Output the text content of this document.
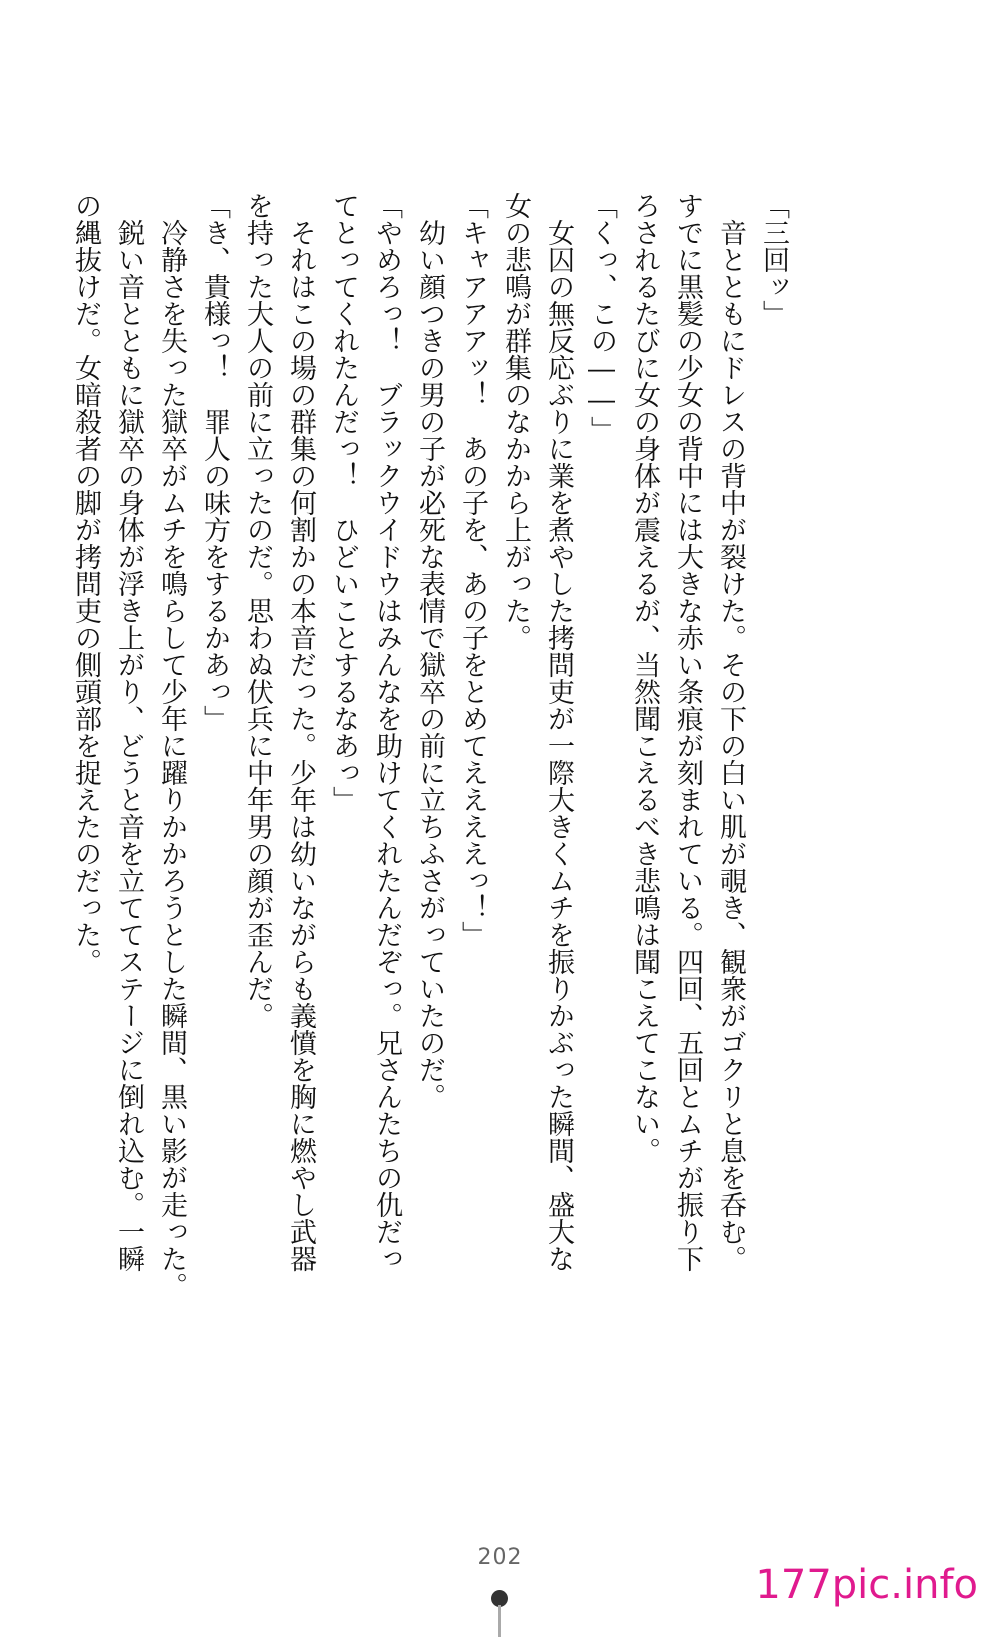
「三回ッ」
　音とともにドレスの背中が裂けた。その下の白い肌が覗き、観衆がゴクリと息を呑む。
すでに黒髪の少女の背中には大きな赤い条痕が刻まれている。四回、五回とムチが振り下
ろされるたびに女の身体が震えるが、当然聞こえるべき悲鳴は聞こえてこない。
「くっ、この――」
　女囚の無反応ぶりに業を煮やした拷問吏が一際大きくムチを振りかぶった瞬間、盛大な
女の悲鳴が群集のなかから上がった。
「キャアアアッ！　あの子を、あの子をとめてええええっ！」
　幼い顔つきの男の子が必死な表情で獄卒の前に立ちふさがっていたのだ。
「やめろっ！　ブラックウイドウはみんなを助けてくれたんだぞっ。兄さんたちの仇だっ
てとってくれたんだっ！　ひどいことするなあっ」
　それはこの場の群集の何割かの本音だった。少年は幼いながらも義憤を胸に燃やし武器
を持った大人の前に立ったのだ。思わぬ伏兵に中年男の顔が歪んだ。
「き、貴様っ！　罪人の味方をするかあっ」
　冷静さを失った獄卒がムチを鳴らして少年に躍りかかろうとした瞬間、黒い影が走った。
　鋭い音とともに獄卒の身体が浮き上がり、どうと音を立ててステージに倒れ込む。一瞬
の縄抜けだ。女暗殺者の脚が拷問吏の側頭部を捉えたのだった。
202
177pic.info
